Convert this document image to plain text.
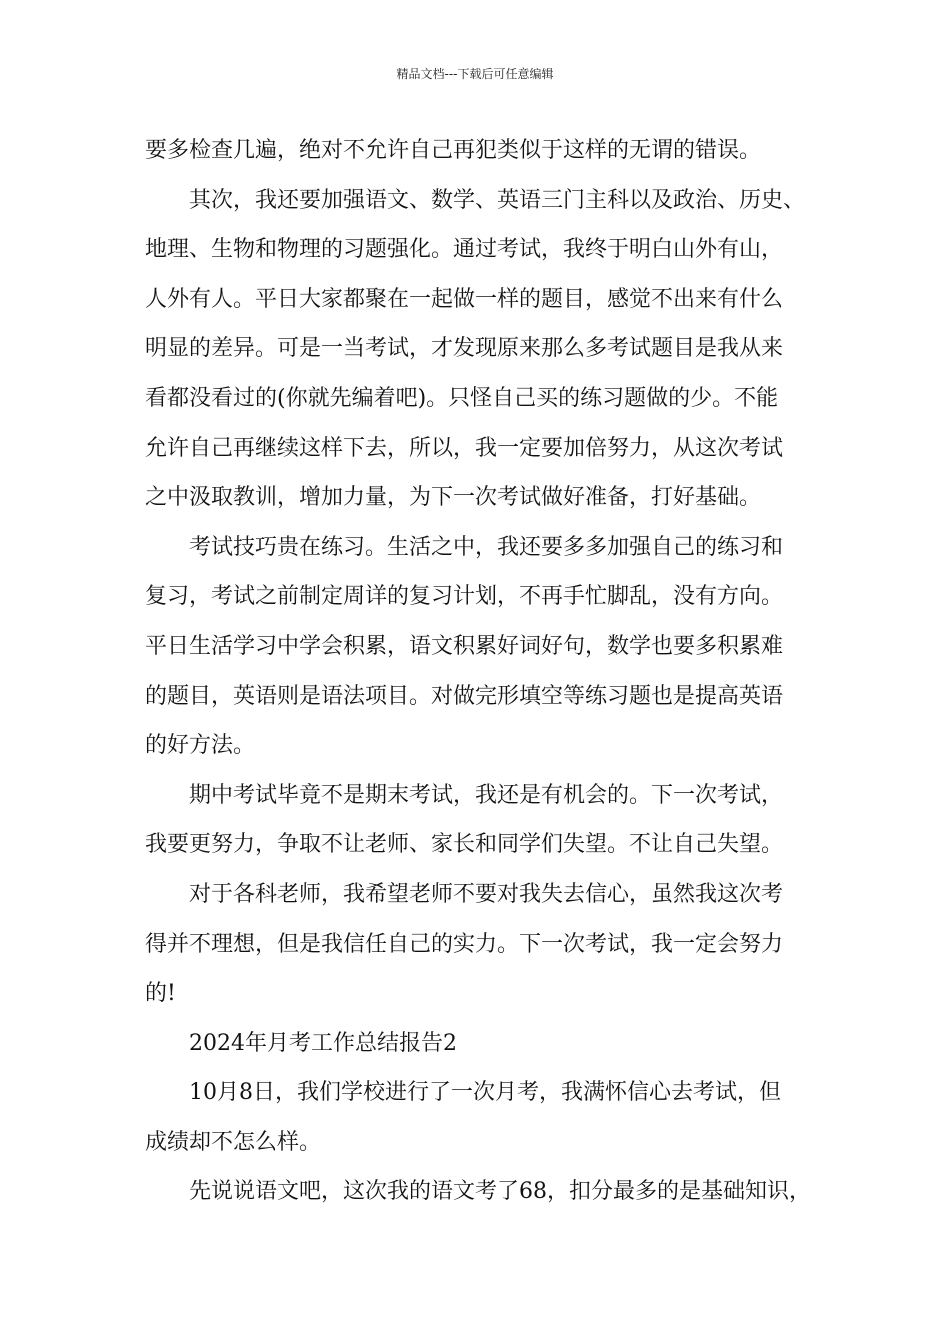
精品文档---下载后可任意编辑
要多检查几遍，绝对不允许自己再犯类似于这样的无谓的错误。
其次，我还要加强语文、数学、英语三门主科以及政治、历史、
地理、生物和物理的习题强化。通过考试，我终于明白山外有山，
人外有人。平日大家都聚在一起做一样的题目，感觉不出来有什么
明显的差异。可是一当考试，才发现原来那么多考试题目是我从来
看都没看过的(你就先编着吧)。只怪自己买的练习题做的少。不能
允许自己再继续这样下去，所以，我一定要加倍努力，从这次考试
之中汲取教训，增加力量，为下一次考试做好准备，打好基础。
考试技巧贵在练习。生活之中，我还要多多加强自己的练习和
复习，考试之前制定周详的复习计划，不再手忙脚乱，没有方向。
平日生活学习中学会积累，语文积累好词好句，数学也要多积累难
的题目，英语则是语法项目。对做完形填空等练习题也是提高英语
的好方法。
期中考试毕竟不是期末考试，我还是有机会的。下一次考试，
我要更努力，争取不让老师、家长和同学们失望。不让自己失望。
对于各科老师，我希望老师不要对我失去信心，虽然我这次考
得并不理想，但是我信任自己的实力。下一次考试，我一定会努力
的!
2024年月考工作总结报告2
10月8日，我们学校进行了一次月考，我满怀信心去考试，但
成绩却不怎么样。
先说说语文吧，这次我的语文考了68，扣分最多的是基础知识，
